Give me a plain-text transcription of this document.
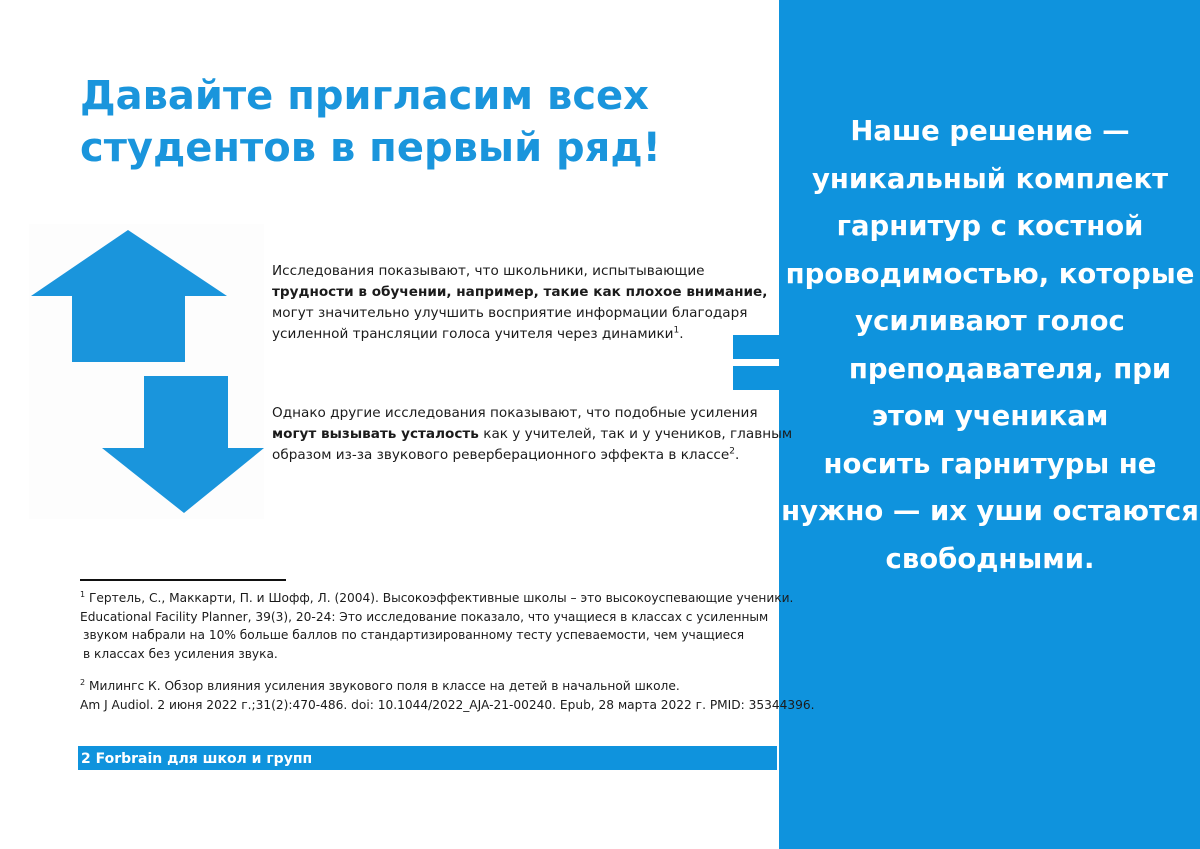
Давайте пригласим всех
студентов в первый ряд!

Исследования показывают, что школьники, испытывающие
трудности в обучении, например, такие как плохое внимание,
могут значительно улучшить восприятие информации благодаря
усиленной трансляции голоса учителя через динамики$^1$.

Однако другие исследования показывают, что подобные усиления
могут вызывать усталость как у учителей, так и у учеников, главным
образом из-за звукового реверберационного эффекта в классе$^2$.

Наше решение —
уникальный комплект
гарнитур с костной
проводимостью, которые
усиливают голос
преподавателя, при
этом ученикам
носить гарнитуры не
нужно — их уши остаются
свободными.

$^1$ Гертель, С., Маккарти, П. и Шофф, Л. (2004). Высокоэффективные школы – это высокоуспевающие ученики.
Educational Facility Planner, 39(3), 20-24: Это исследование показало, что учащиеся в классах с усиленным
звуком набрали на 10% больше баллов по стандартизированному тесту успеваемости, чем учащиеся
в классах без усиления звука.

$^2$ Милингс К. Обзор влияния усиления звукового поля в классе на детей в начальной школе.
Am J Audiol. 2 июня 2022 г.;31(2):470-486. doi: 10.1044/2022_AJA-21-00240. Epub, 28 марта 2022 г. PMID: 35344396.

2 Forbrain для школ и групп
